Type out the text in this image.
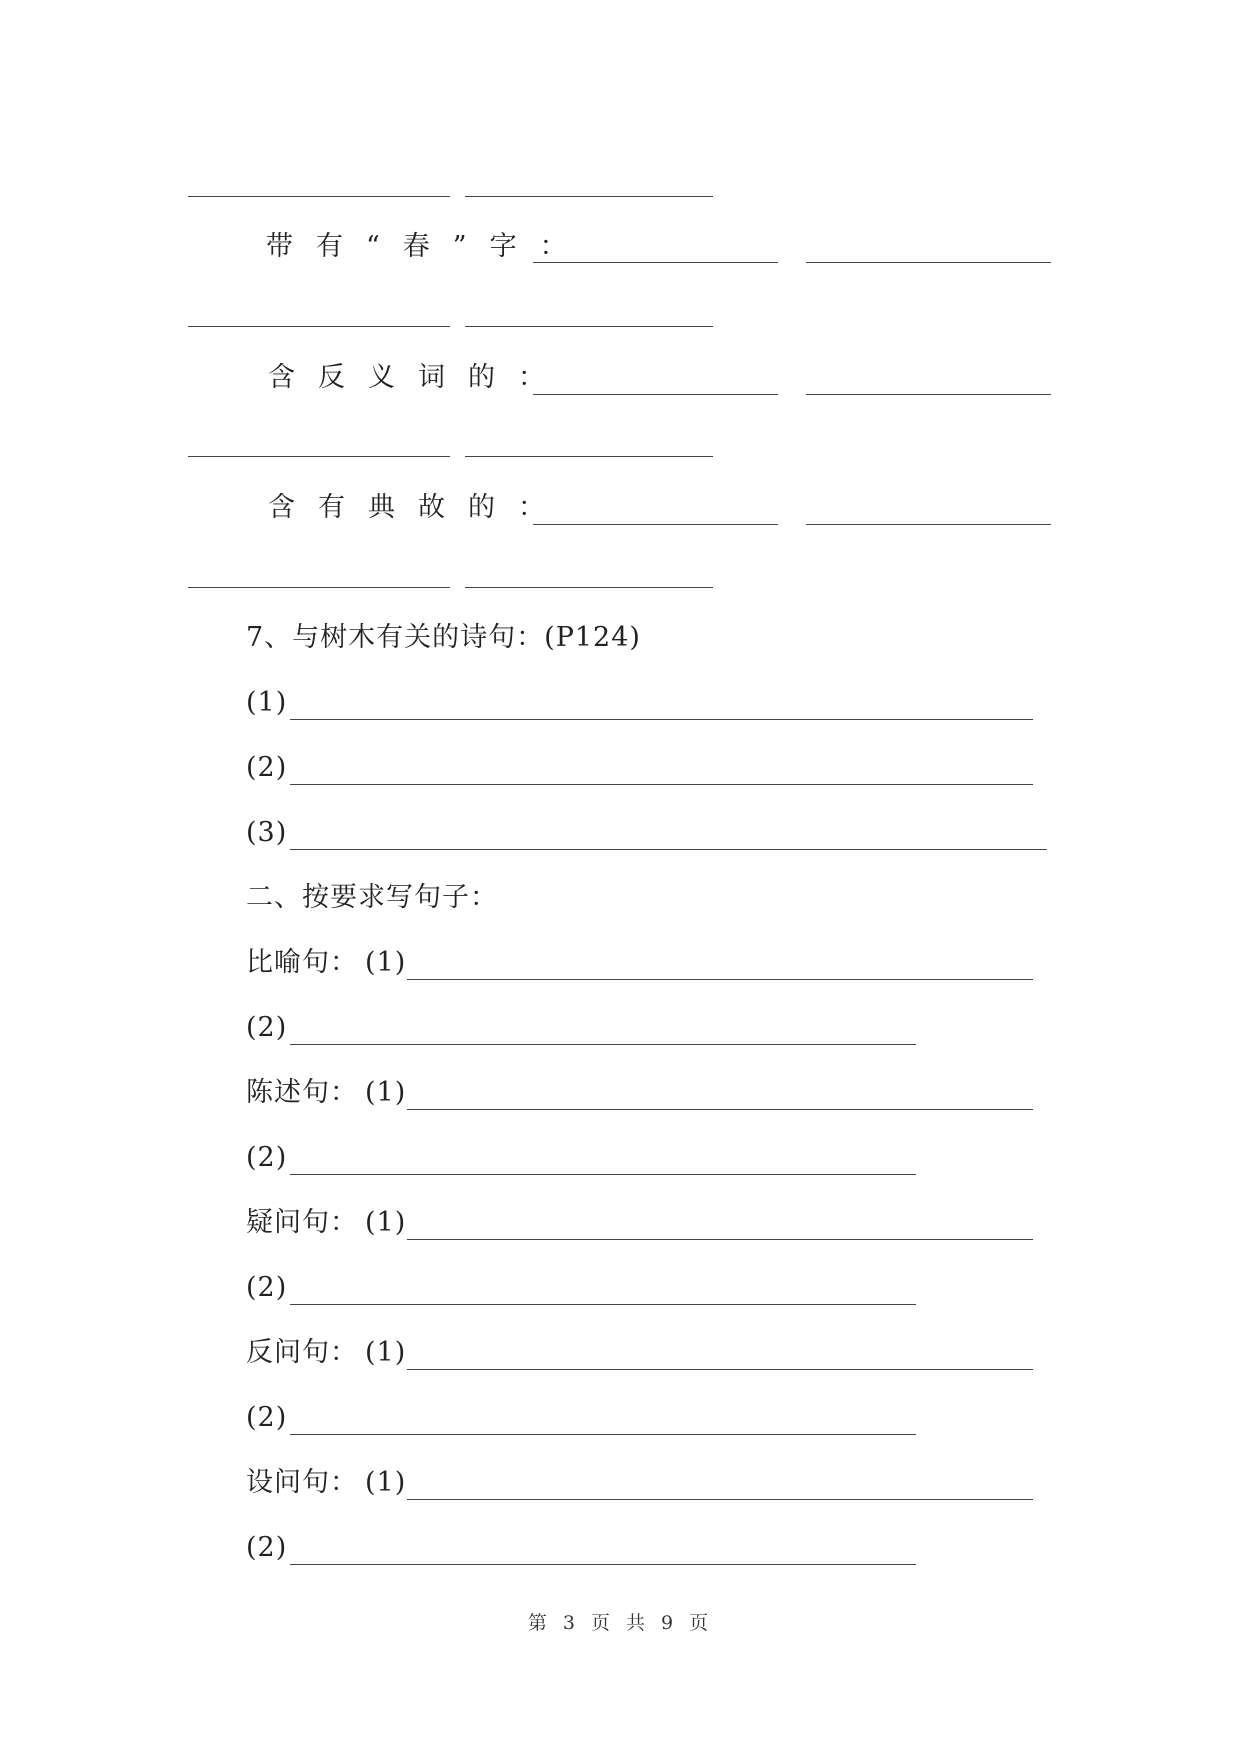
带有“春”字：
含反义词的：
含有典故的：
7、与树木有关的诗句：(P124)
(1)
(2)
(3)
二、按要求写句子：
比喻句： (1)
(2)
陈述句： (1)
(2)
疑问句： (1)
(2)
反问句： (1)
(2)
设问句： (1)
(2)
第 3 页 共 9 页
